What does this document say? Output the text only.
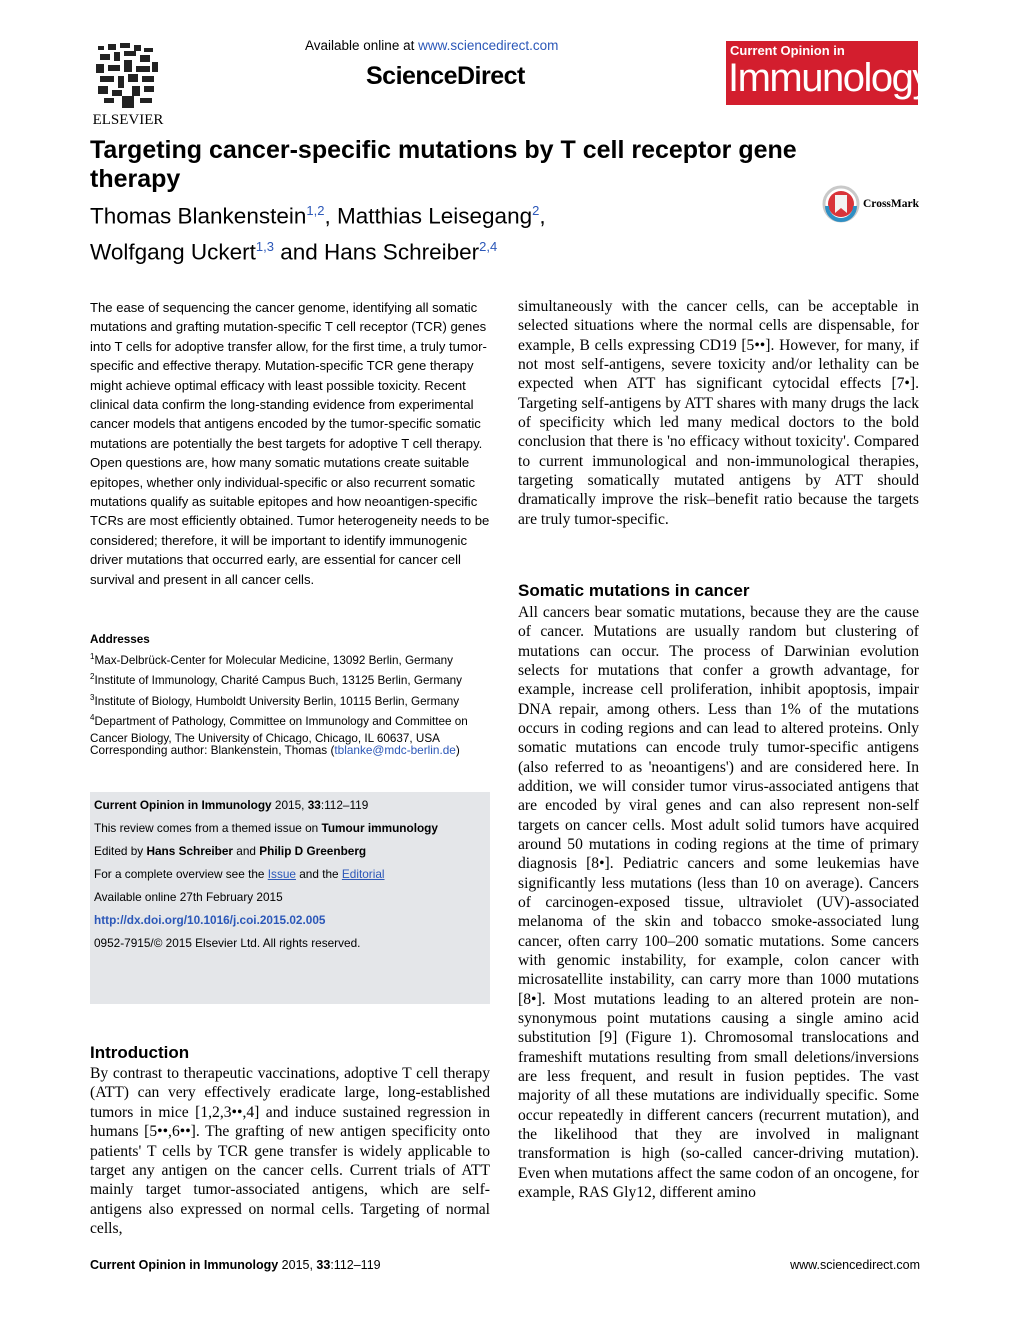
ELSEVIER
Available online at www.sciencedirect.com
ScienceDirect
Current Opinion in
Immunology
Targeting cancer-specific mutations by T cell receptor gene therapy
Thomas Blankenstein$^{1,2}$, Matthias Leisegang$^2$,
Wolfgang Uckert$^{1,3}$ and Hans Schreiber$^{2,4}$
CrossMark
The ease of sequencing the cancer genome, identifying all somatic mutations and grafting mutation-specific T cell receptor (TCR) genes into T cells for adoptive transfer allow, for the first time, a truly tumor-specific and effective therapy. Mutation-specific TCR gene therapy might achieve optimal efficacy with least possible toxicity. Recent clinical data confirm the long-standing evidence from experimental cancer models that antigens encoded by the tumor-specific somatic mutations are potentially the best targets for adoptive T cell therapy. Open questions are, how many somatic mutations create suitable epitopes, whether only individual-specific or also recurrent somatic mutations qualify as suitable epitopes and how neoantigen-specific TCRs are most efficiently obtained. Tumor heterogeneity needs to be considered; therefore, it will be important to identify immunogenic driver mutations that occurred early, are essential for cancer cell survival and present in all cancer cells.
Addresses
$^1$Max-Delbrück-Center for Molecular Medicine, 13092 Berlin, Germany
$^2$Institute of Immunology, Charité Campus Buch, 13125 Berlin, Germany
$^3$Institute of Biology, Humboldt University Berlin, 10115 Berlin, Germany
$^4$Department of Pathology, Committee on Immunology and Committee on Cancer Biology, The University of Chicago, Chicago, IL 60637, USA
Corresponding author: Blankenstein, Thomas (tblanke@mdc-berlin.de)
Current Opinion in Immunology 2015, 33:112–119
This review comes from a themed issue on Tumour immunology
Edited by Hans Schreiber and Philip D Greenberg
For a complete overview see the Issue and the Editorial
Available online 27th February 2015
http://dx.doi.org/10.1016/j.coi.2015.02.005
0952-7915/© 2015 Elsevier Ltd. All rights reserved.
Introduction
By contrast to therapeutic vaccinations, adoptive T cell therapy (ATT) can very effectively eradicate large, long-established tumors in mice [1,2,3••,4] and induce sustained regression in humans [5••,6••]. The grafting of new antigen specificity onto patients' T cells by TCR gene transfer is widely applicable to target any antigen on the cancer cells. Current trials of ATT mainly target tumor-associated antigens, which are self-antigens also expressed on normal cells. Targeting of normal cells,
simultaneously with the cancer cells, can be acceptable in selected situations where the normal cells are dispensable, for example, B cells expressing CD19 [5••]. However, for many, if not most self-antigens, severe toxicity and/or lethality can be expected when ATT has significant cytocidal effects [7•]. Targeting self-antigens by ATT shares with many drugs the lack of specificity which led many medical doctors to the bold conclusion that there is 'no efficacy without toxicity'. Compared to current immunological and non-immunological therapies, targeting somatically mutated antigens by ATT should dramatically improve the risk–benefit ratio because the targets are truly tumor-specific.
Somatic mutations in cancer
All cancers bear somatic mutations, because they are the cause of cancer. Mutations are usually random but clustering of mutations can occur. The process of Darwinian evolution selects for mutations that confer a growth advantage, for example, increase cell proliferation, inhibit apoptosis, impair DNA repair, among others. Less than 1% of the mutations occurs in coding regions and can lead to altered proteins. Only somatic mutations can encode truly tumor-specific antigens (also referred to as 'neoantigens') and are considered here. In addition, we will consider tumor virus-associated antigens that are encoded by viral genes and can also represent non-self targets on cancer cells. Most adult solid tumors have acquired around 50 mutations in coding regions at the time of primary diagnosis [8•]. Pediatric cancers and some leukemias have significantly less mutations (less than 10 on average). Cancers of carcinogen-exposed tissue, ultraviolet (UV)-associated melanoma of the skin and tobacco smoke-associated lung cancer, often carry 100–200 somatic mutations. Some cancers with genomic instability, for example, colon cancer with microsatellite instability, can carry more than 1000 mutations [8•]. Most mutations leading to an altered protein are non-synonymous point mutations causing a single amino acid substitution [9] (Figure 1). Chromosomal translocations and frameshift mutations resulting from small deletions/inversions are less frequent, and result in fusion peptides. The vast majority of all these mutations are individually specific. Some occur repeatedly in different cancers (recurrent mutation), and the likelihood that they are involved in malignant transformation is high (so-called cancer-driving mutation). Even when mutations affect the same codon of an oncogene, for example, RAS Gly12, different amino
Current Opinion in Immunology 2015, 33:112–119	www.sciencedirect.com
